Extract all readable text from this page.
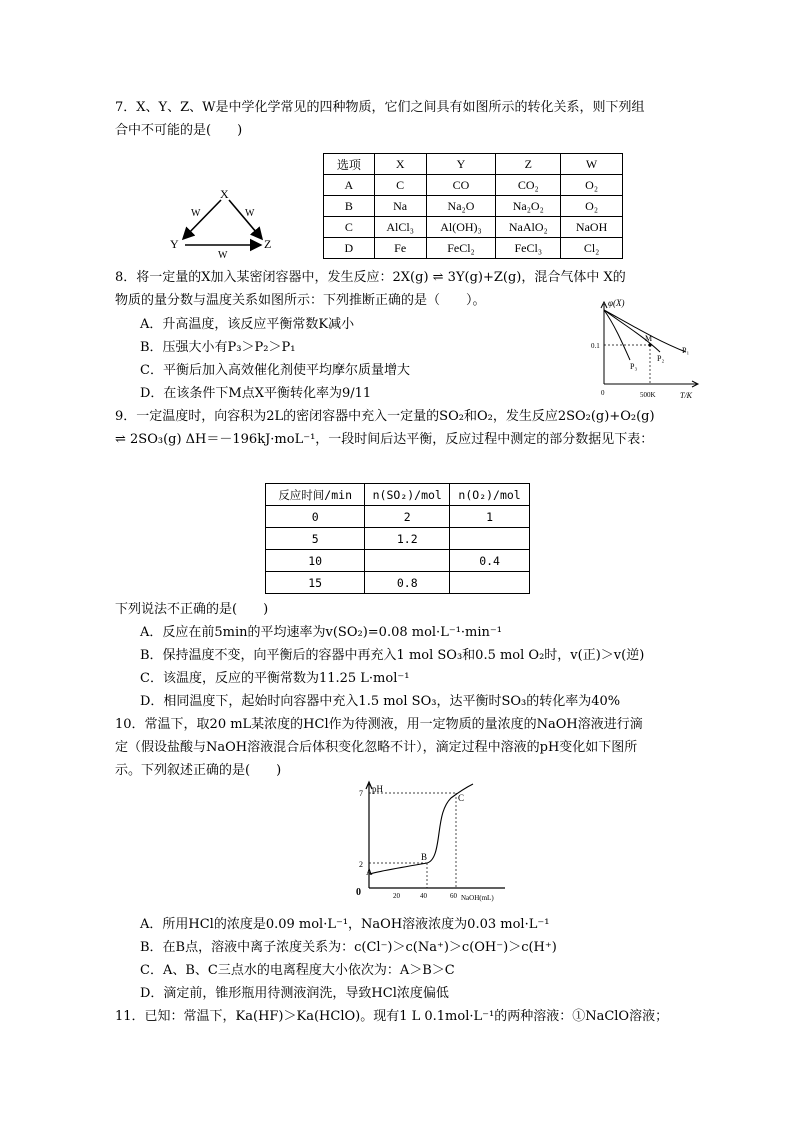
7．X、Y、Z、W是中学化学常见的四种物质，它们之间具有如图所示的转化关系，则下列组
合中不可能的是(　　)
X
Y	Z
W	W
W
选项	X	Y	Z	W
A	C	CO	CO₂	O₂
B	Na	Na₂O	Na₂O₂	O₂
C	AlCl₃	Al(OH)₃	NaAlO₂	NaOH
D	Fe	FeCl₂	FeCl₃	Cl₂
8．将一定量的X加入某密闭容器中，发生反应：2X(g) ⇌ 3Y(g)+Z(g)，混合气体中 X的
物质的量分数与温度关系如图所示：下列推断正确的是（　　）。
A．升高温度，该反应平衡常数K减小
B．压强大小有P₃＞P₂＞P₁
C．平衡后加入高效催化剂使平均摩尔质量增大
D．在该条件下M点X平衡转化率为9/11
φ(X)
T/K
0
0.1
500K
M
P₁
P₂
P₃
9．一定温度时，向容积为2L的密闭容器中充入一定量的SO₂和O₂，发生反应2SO₂(g)+O₂(g)
⇌ 2SO₃(g) ΔH＝－196kJ·moL⁻¹，一段时间后达平衡，反应过程中测定的部分数据见下表：
反应时间/min	n(SO₂)/mol	n(O₂)/mol
0	2	1
5	1.2	
10		0.4
15	0.8	
下列说法不正确的是(　　)
A．反应在前5min的平均速率为v(SO₂)=0.08 mol·L⁻¹·min⁻¹
B．保持温度不变，向平衡后的容器中再充入1 mol SO₃和0.5 mol O₂时，v(正)＞v(逆)
C．该温度，反应的平衡常数为11.25 L·mol⁻¹
D．相同温度下，起始时向容器中充入1.5 mol SO₃，达平衡时SO₃的转化率为40%
10．常温下，取20 mL某浓度的HCl作为待测液，用一定物质的量浓度的NaOH溶液进行滴
定（假设盐酸与NaOH溶液混合后体积变化忽略不计），滴定过程中溶液的pH变化如下图所
示。下列叙述正确的是(　　)
pH
NaOH(mL)
0
7
2
20	40	60
A
B
C
A．所用HCl的浓度是0.09 mol·L⁻¹，NaOH溶液浓度为0.03 mol·L⁻¹
B．在B点，溶液中离子浓度关系为：c(Cl⁻)＞c(Na⁺)＞c(OH⁻)＞c(H⁺)
C．A、B、C三点水的电离程度大小依次为：A＞B＞C
D．滴定前，锥形瓶用待测液润洗，导致HCl浓度偏低
11．已知：常温下，Ka(HF)＞Ka(HClO)。现有1 L 0.1mol·L⁻¹的两种溶液：①NaClO溶液；
